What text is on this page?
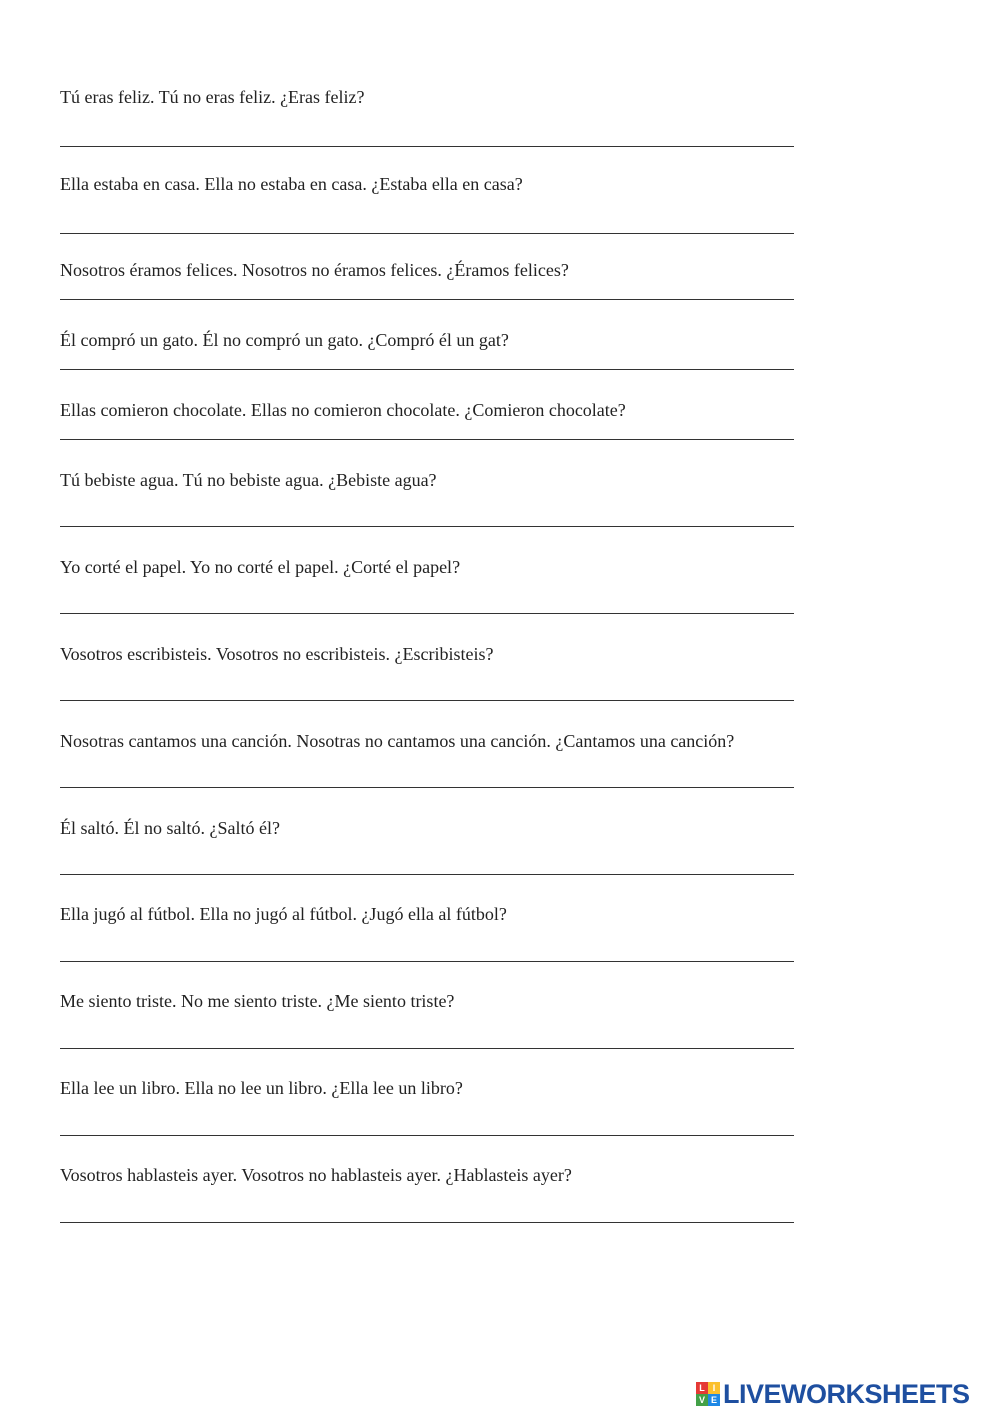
Tú eras feliz. Tú no eras feliz. ¿Eras feliz?
Ella estaba en casa. Ella no estaba en casa. ¿Estaba ella en casa?
Nosotros éramos felices. Nosotros no éramos felices. ¿Éramos felices?
Él compró un gato. Él no compró un gato. ¿Compró él un gat?
Ellas comieron chocolate. Ellas no comieron chocolate. ¿Comieron chocolate?
Tú bebiste agua. Tú no bebiste agua. ¿Bebiste agua?
Yo corté el papel. Yo no corté el papel. ¿Corté el papel?
Vosotros escribisteis. Vosotros no escribisteis. ¿Escribisteis?
Nosotras cantamos una canción. Nosotras no cantamos una canción. ¿Cantamos una canción?
Él saltó. Él no saltó. ¿Saltó él?
Ella jugó al fútbol. Ella no jugó al fútbol. ¿Jugó ella al fútbol?
Me siento triste. No me siento triste. ¿Me siento triste?
Ella lee un libro. Ella no lee un libro. ¿Ella lee un libro?
Vosotros hablasteis ayer. Vosotros no hablasteis ayer. ¿Hablasteis ayer?
L I
V E LIVEWORKSHEETS
